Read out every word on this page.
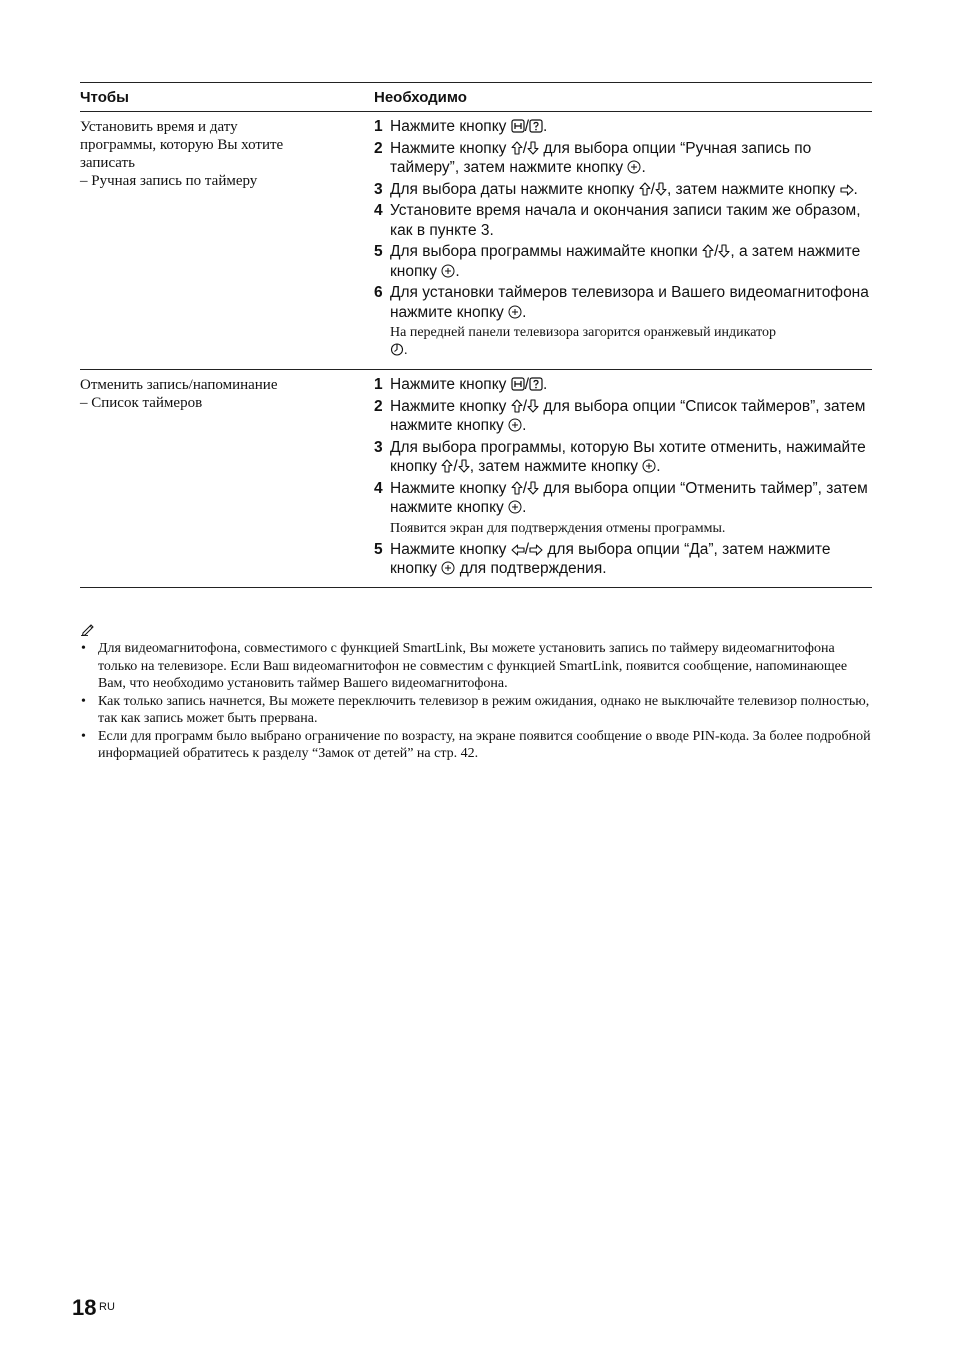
Чтобы	Необходимо
Установить время и дату
программы, которую Вы хотите
записать
– Ручная запись по таймеру
1 Нажмите кнопку / .
2 Нажмите кнопку / для выбора опции “Ручная запись по таймеру”, затем нажмите кнопку .
3 Для выбора даты нажмите кнопку / , затем нажмите кнопку .
4 Установите время начала и окончания записи таким же образом, как в пункте 3.
5 Для выбора программы нажимайте кнопки / , а затем нажмите кнопку .
6 Для установки таймеров телевизора и Вашего видеомагнитофона нажмите кнопку .
На передней панели телевизора загорится оранжевый индикатор
.
Отменить запись/напоминание
– Список таймеров
1 Нажмите кнопку / .
2 Нажмите кнопку / для выбора опции “Список таймеров”, затем нажмите кнопку .
3 Для выбора программы, которую Вы хотите отменить, нажимайте кнопку / , затем нажмите кнопку .
4 Нажмите кнопку / для выбора опции “Отменить таймер”, затем нажмите кнопку .
Появится экран для подтверждения отмены программы.
5 Нажмите кнопку / для выбора опции “Да”, затем нажмите кнопку для подтверждения.
• Для видеомагнитофона, совместимого с функцией SmartLink, Вы можете установить запись по таймеру видеомагнитофона только на телевизоре. Если Ваш видеомагнитофон не совместим с функцией SmartLink, появится сообщение, напоминающее Вам, что необходимо установить таймер Вашего видеомагнитофона.
• Как только запись начнется, Вы можете переключить телевизор в режим ожидания, однако не выключайте телевизор полностью, так как запись может быть прервана.
• Если для программ было выбрано ограничение по возрасту, на экране появится сообщение о вводе PIN-кода. За более подробной информацией обратитесь к разделу “Замок от детей” на стр. 42.
18 RU
